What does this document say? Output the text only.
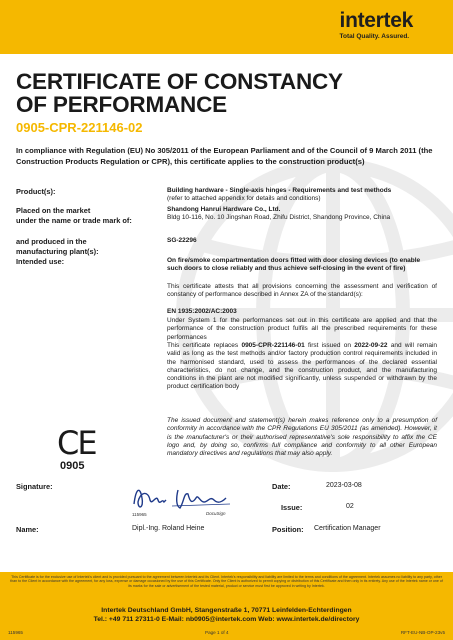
intertek
Total Quality. Assured.
CERTIFICATE OF CONSTANCY
OF PERFORMANCE
0905-CPR-221146-02
In compliance with Regulation (EU) No 305/2011 of the European Parliament and of the Council of 9 March 2011 (the Construction Products Regulation or CPR), this certificate applies to the construction product(s)
Product(s):	Building hardware - Single-axis hinges - Requirements and test methods
(refer to attached appendix for details and conditions)
Placed on the market
under the name or trade mark of:
Shandong Hanrui Hardware Co., Ltd.
Bldg 10-116, No. 10 Jingshan Road, Zhifu District, Shandong Province, China
and produced in the
manufacturing plant(s):
SG-22296
Intended use:	On fire/smoke compartmentation doors fitted with door closing devices (to enable such doors to close reliably and thus achieve self-closing in the event of fire)
This certificate attests that all provisions concerning the assessment and verification of constancy of performance described in Annex ZA of the standard(s):
EN 1935:2002/AC:2003
Under System 1 for the performances set out in this certificate are applied and that the performance of the construction product fulfils all the prescribed requirements for these performances
This certificate replaces 0905-CPR-221146-01 first issued on 2022-09-22 and will remain valid as long as the test methods and/or factory production control requirements included in the harmonised standard, used to assess the performances of the declared essential characteristics, do not change, and the construction product, and the manufacturing conditions in the plant are not modified significantly, unless suspended or withdrawn by the product certification body
The issued document and statement(s) herein makes reference only to a presumption of conformity in accordance with the CPR Regulations EU 305/2011 (as amended). However, it is the manufacturer's or their authorised representative's sole responsibility to affix the CE logo and, by doing so, confirms full compliance and conformity to all other European mandatory directives and regulations that may also apply.
CE
0905
Signature:
115965	DocuSign
Date:	2023-03-08
Issue:	02
Name:	Dipl.-Ing. Roland Heine	Position: Certification Manager
This Certificate is for the exclusive use of Intertek's client and is provided pursuant to the agreement between Intertek and its Client. Intertek's responsibility and liability are limited to the terms and conditions of the agreement. Intertek assumes no liability to any party, other than to the Client in accordance with the agreement, for any loss, expense or damage occasioned by the use of this Certificate. Only the Client is authorized to permit copying or distribution of this Certificate and then only in its entirety. Any use of the Intertek name or one of its marks for the sale or advertisement of the tested material, product or service must first be approved in writing by Intertek.
Intertek Deutschland GmbH, Stangenstraße 1, 70771 Leinfelden-Echterdingen
Tel.: +49 711 27311-0 E-Mail: nb0905@intertek.com Web: www.intertek.de/directory
115965	Page 1 of 4	RFT-EU-NB-OP-23v5
